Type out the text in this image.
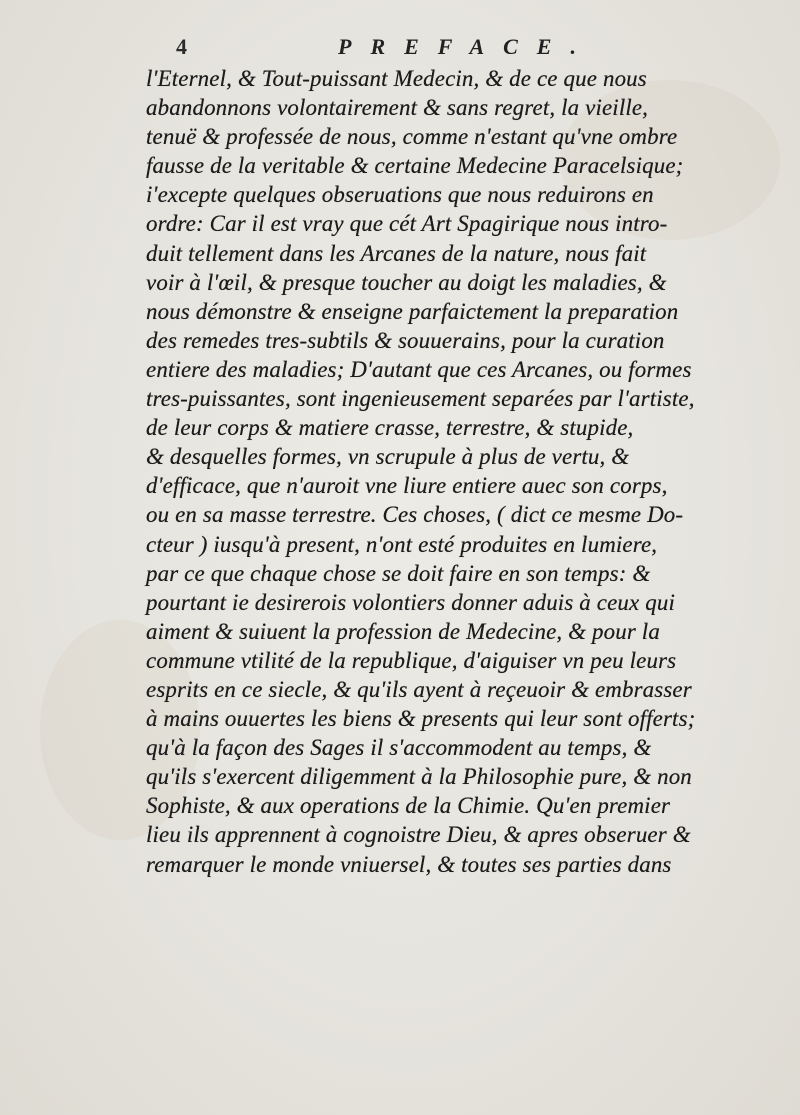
4	PREFACE.
l'Eternel, & Tout-puissant Medecin, & de ce que nous
abandonnons volontairement & sans regret, la vieille,
tenuë & professée de nous, comme n'estant qu'vne ombre
fausse de la veritable & certaine Medecine Paracelsique;
i'excepte quelques obseruations que nous reduirons en
ordre: Car il est vray que cét Art Spagirique nous intro-
duit tellement dans les Arcanes de la nature, nous fait
voir à l'œil, & presque toucher au doigt les maladies, &
nous démonstre & enseigne parfaictement la preparation
des remedes tres-subtils & souuerains, pour la curation
entiere des maladies; D'autant que ces Arcanes, ou formes
tres-puissantes, sont ingenieusement separées par l'artiste,
de leur corps & matiere crasse, terrestre, & stupide,
& desquelles formes, vn scrupule à plus de vertu, &
d'efficace, que n'auroit vne liure entiere auec son corps,
ou en sa masse terrestre. Ces choses, ( dict ce mesme Do-
cteur ) iusqu'à present, n'ont esté produites en lumiere,
par ce que chaque chose se doit faire en son temps: &
pourtant ie desirerois volontiers donner aduis à ceux qui
aiment & suiuent la profession de Medecine, & pour la
commune vtilité de la republique, d'aiguiser vn peu leurs
esprits en ce siecle, & qu'ils ayent à reçeuoir & embrasser
à mains ouuertes les biens & presents qui leur sont offerts;
qu'à la façon des Sages il s'accommodent au temps, &
qu'ils s'exercent diligemment à la Philosophie pure, & non
Sophiste, & aux operations de la Chimie. Qu'en premier
lieu ils apprennent à cognoistre Dieu, & apres obseruer &
remarquer le monde vniuersel, & toutes ses parties dans
